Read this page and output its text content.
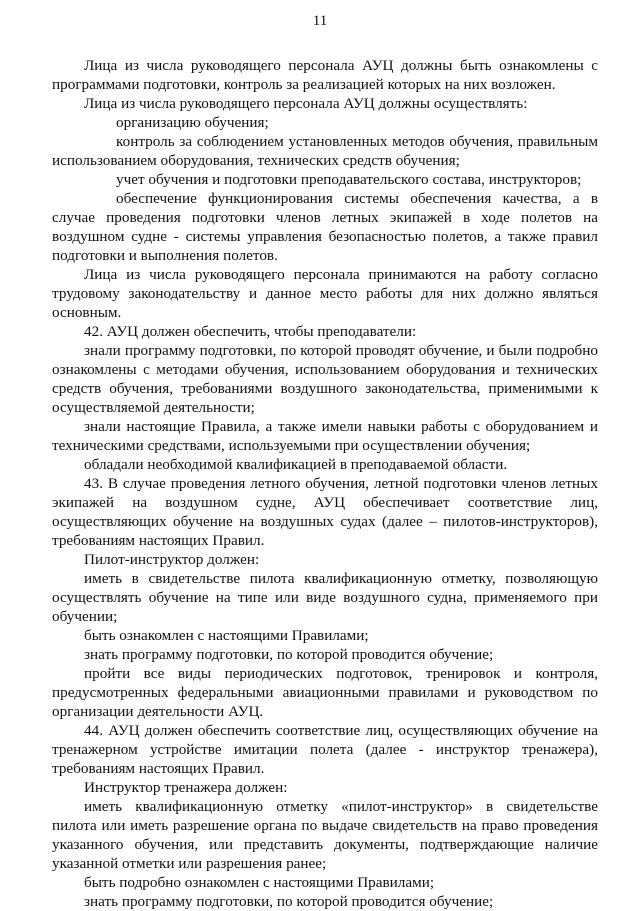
11

Лица из числа руководящего персонала АУЦ должны быть ознакомлены с программами подготовки, контроль за реализацией которых на них возложен.

Лица из числа руководящего персонала АУЦ должны осуществлять:

организацию обучения;

контроль за соблюдением установленных методов обучения, правильным использованием оборудования, технических средств обучения;

учет обучения и подготовки преподавательского состава, инструкторов;

обеспечение функционирования системы обеспечения качества, а в случае проведения подготовки членов летных экипажей в ходе полетов на воздушном судне - системы управления безопасностью полетов, а также правил подготовки и выполнения полетов.

Лица из числа руководящего персонала принимаются на работу согласно трудовому законодательству и данное место работы для них должно являться основным.

42. АУЦ должен обеспечить, чтобы преподаватели:

знали программу подготовки, по которой проводят обучение, и были подробно ознакомлены с методами обучения, использованием оборудования и технических средств обучения, требованиями воздушного законодательства, применимыми к осуществляемой деятельности;

знали настоящие Правила, а также имели навыки работы с оборудованием и техническими средствами, используемыми при осуществлении обучения;

обладали необходимой квалификацией в преподаваемой области.

43. В случае проведения летного обучения, летной подготовки членов летных экипажей на воздушном судне, АУЦ обеспечивает соответствие лиц, осуществляющих обучение на воздушных судах (далее – пилотов-инструкторов), требованиям настоящих Правил.

Пилот-инструктор должен:

иметь в свидетельстве пилота квалификационную отметку, позволяющую осуществлять обучение на типе или виде воздушного судна, применяемого при обучении;

быть ознакомлен с настоящими Правилами;

знать программу подготовки, по которой проводится обучение;

пройти все виды периодических подготовок, тренировок и контроля, предусмотренных федеральными авиационными правилами и руководством по организации деятельности АУЦ.

44. АУЦ должен обеспечить соответствие лиц, осуществляющих обучение на тренажерном устройстве имитации полета (далее - инструктор тренажера), требованиям настоящих Правил.

Инструктор тренажера должен:

иметь квалификационную отметку «пилот-инструктор» в свидетельстве пилота или иметь разрешение органа по выдаче свидетельств на право проведения указанного обучения, или представить документы, подтверждающие наличие указанной отметки или разрешения ранее;

быть подробно ознакомлен с настоящими Правилами;

знать программу подготовки, по которой проводится обучение;
